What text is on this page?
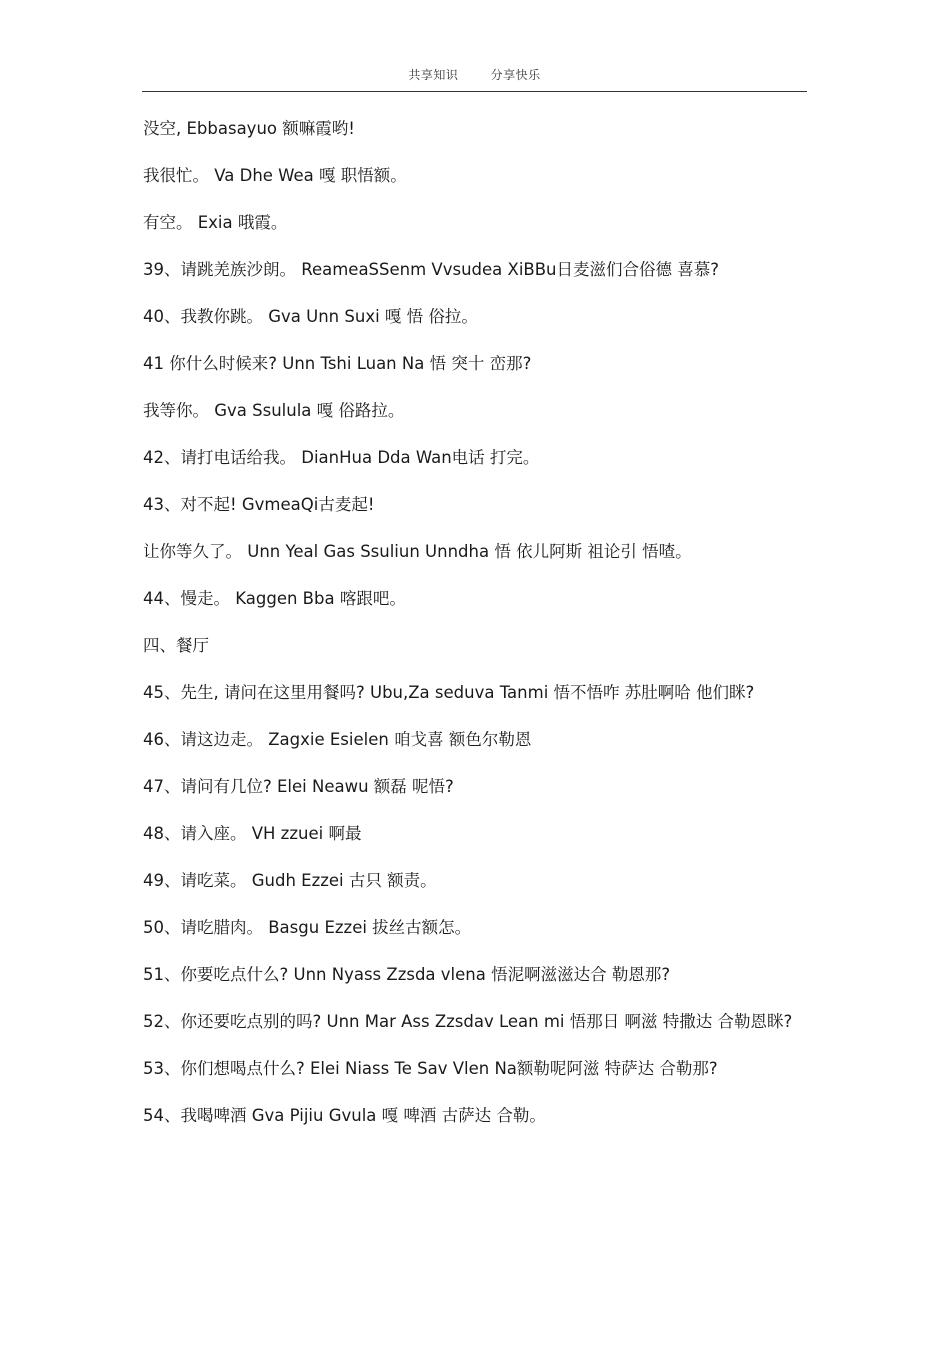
共享知识	分享快乐
没空, Ebbasayuo 额嘛霞哟!
我很忙。 Va Dhe Wea 嘎 职悟额。
有空。 Exia 哦霞。
39、请跳羌族沙朗。 ReameaSSenm Vvsudea XiBBu日麦滋们合俗德 喜慕?
40、我教你跳。 Gva Unn Suxi 嘎 悟 俗拉。
41 你什么时候来? Unn Tshi Luan Na 悟 突十 峦那?
我等你。 Gva Ssulula 嘎 俗路拉。
42、请打电话给我。 DianHua Dda Wan电话 打完。
43、对不起! GvmeaQi古麦起!
让你等久了。 Unn Yeal Gas Ssuliun Unndha 悟 依儿阿斯 祖论引 悟喳。
44、慢走。 Kaggen Bba 喀跟吧。
四、餐厅
45、先生, 请问在这里用餐吗? Ubu,Za seduva Tanmi 悟不悟咋 苏肚啊哈 他们眯?
46、请这边走。 Zagxie Esielen 咱戈喜 额色尔勒恩
47、请问有几位? Elei Neawu 额磊 呢悟?
48、请入座。 VH zzuei 啊最
49、请吃菜。 Gudh Ezzei 古只 额责。
50、请吃腊肉。 Basgu Ezzei 拔丝古额怎。
51、你要吃点什么? Unn Nyass Zzsda vlena 悟泥啊滋滋达合 勒恩那?
52、你还要吃点别的吗? Unn Mar Ass Zzsdav Lean mi 悟那日 啊滋 特撒达 合勒恩眯?
53、你们想喝点什么? Elei Niass Te Sav Vlen Na额勒呢阿滋 特萨达 合勒那?
54、我喝啤酒 Gva Pijiu Gvula 嘎 啤酒 古萨达 合勒。
